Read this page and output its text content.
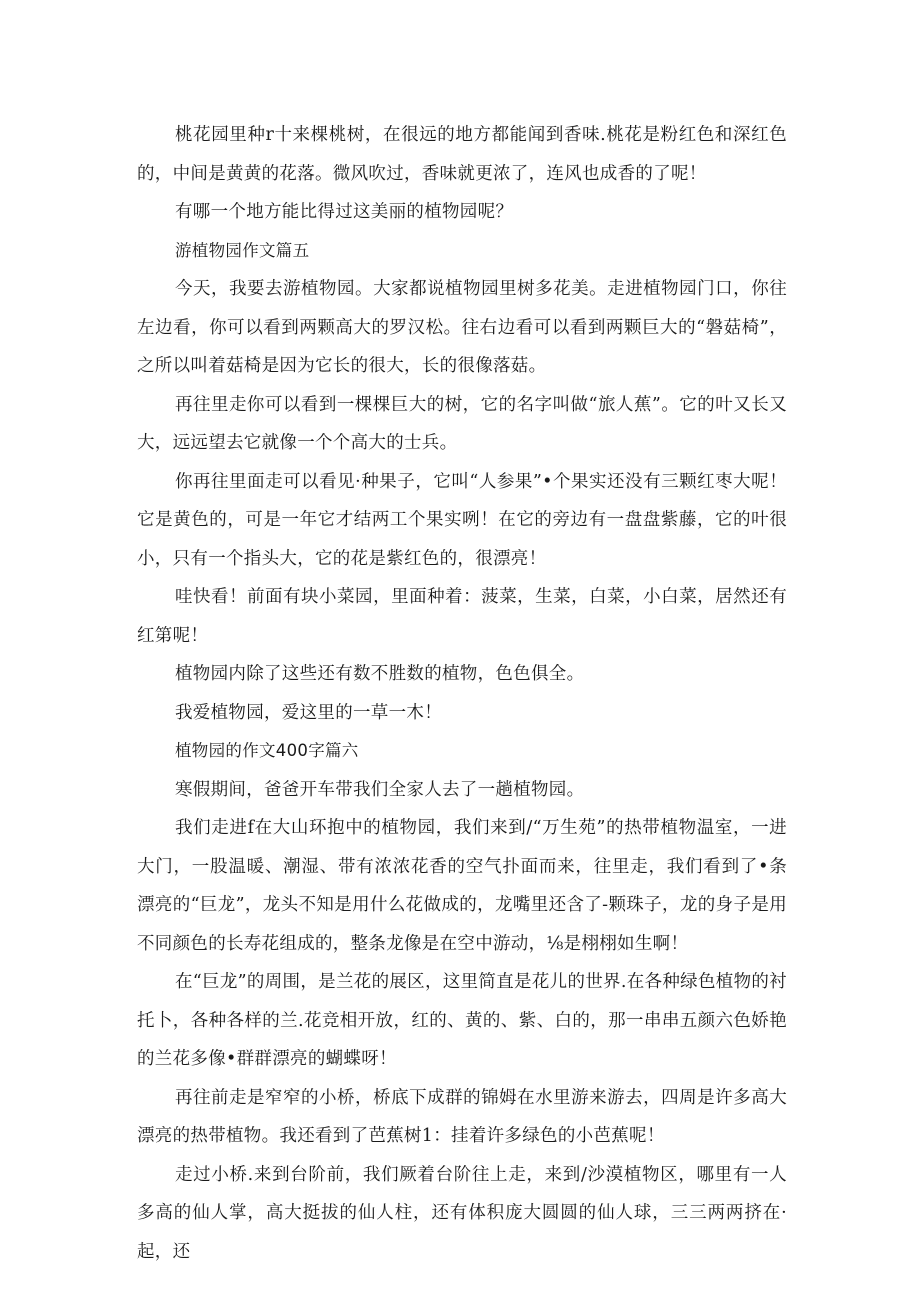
桃花园里种r十来棵桃树，在很远的地方都能闻到香味.桃花是粉红色和深红色的，中间是黄黄的花落。微风吹过，香味就更浓了，连风也成香的了呢！

有哪一个地方能比得过这美丽的植物园呢？

游植物园作文篇五

今天，我要去游植物园。大家都说植物园里树多花美。走进植物园门口，你往左边看，你可以看到两颗高大的罗汉松。往右边看可以看到两颗巨大的“磐菇椅”，之所以叫着菇椅是因为它长的很大，长的很像落菇。

再往里走你可以看到一棵棵巨大的树，它的名字叫做“旅人蕉”。它的叶又长又大，远远望去它就像一个个高大的士兵。

你再往里面走可以看见·种果子，它叫“人参果”•个果实还没有三颗红枣大呢！它是黄色的，可是一年它才结两工个果实咧！在它的旁边有一盘盘紫藤，它的叶很小，只有一个指头大，它的花是紫红色的，很漂亮！

哇快看！前面有块小菜园，里面种着：菠菜，生菜，白菜，小白菜，居然还有红第呢！

植物园内除了这些还有数不胜数的植物，色色俱全。

我爱植物园，爱这里的一草一木！

植物园的作文400字篇六

寒假期间，爸爸开车带我们全家人去了一趟植物园。

我们走进f在大山环抱中的植物园，我们来到/“万生苑”的热带植物温室，一进大门，一股温暖、潮湿、带有浓浓花香的空气扑面而来，往里走，我们看到了•条漂亮的“巨龙”，龙头不知是用什么花做成的，龙嘴里还含了-颗珠子，龙的身子是用不同颜色的长寿花组成的，整条龙像是在空中游动，⅛是栩栩如生啊！

在“巨龙”的周围，是兰花的展区，这里简直是花儿的世界.在各种绿色植物的衬托卜，各种各样的兰.花竞相开放，红的、黄的、紫、白的，那一串串五颜六色娇艳的兰花多像•群群漂亮的蝴蝶呀！

再往前走是窄窄的小桥，桥底下成群的锦姆在水里游来游去，四周是许多高大漂亮的热带植物。我还看到了芭蕉树1：挂着许多绿色的小芭蕉呢！

走过小桥.来到台阶前，我们厥着台阶往上走，来到/沙漠植物区，哪里有一人多高的仙人掌，高大挺拔的仙人柱，还有体积庞大圆圆的仙人球，三三两两挤在·起，还
